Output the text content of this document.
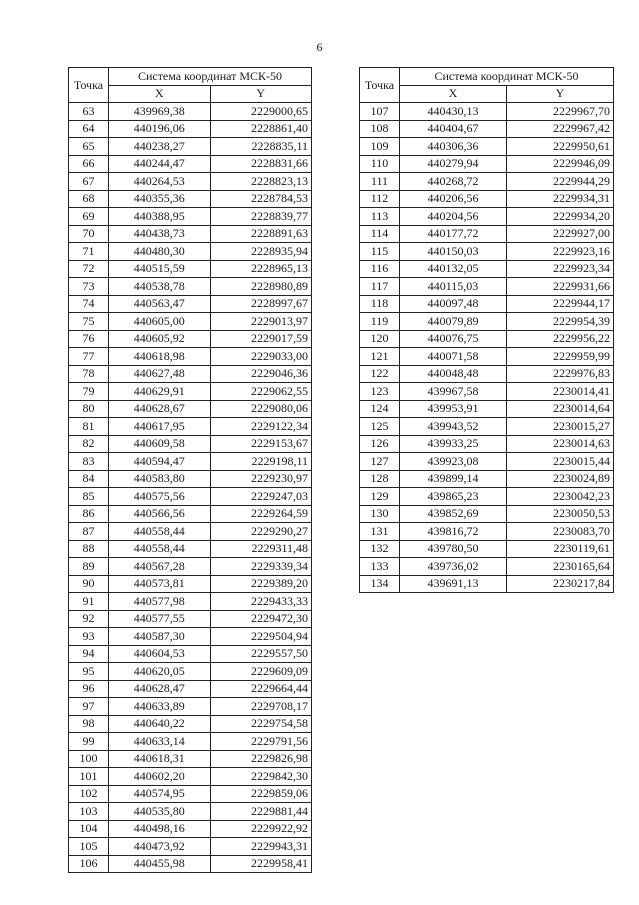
6
Точка	Система координат МСК-50	
	X	Y
63	439969,38	2229000,65
64	440196,06	2228861,40
65	440238,27	2228835,11
66	440244,47	2228831,66
67	440264,53	2228823,13
68	440355,36	2228784,53
69	440388,95	2228839,77
70	440438,73	2228891,63
71	440480,30	2228935,94
72	440515,59	2228965,13
73	440538,78	2228980,89
74	440563,47	2228997,67
75	440605,00	2229013,97
76	440605,92	2229017,59
77	440618,98	2229033,00
78	440627,48	2229046,36
79	440629,91	2229062,55
80	440628,67	2229080,06
81	440617,95	2229122,34
82	440609,58	2229153,67
83	440594,47	2229198,11
84	440583,80	2229230,97
85	440575,56	2229247,03
86	440566,56	2229264,59
87	440558,44	2229290,27
88	440558,44	2229311,48
89	440567,28	2229339,34
90	440573,81	2229389,20
91	440577,98	2229433,33
92	440577,55	2229472,30
93	440587,30	2229504,94
94	440604,53	2229557,50
95	440620,05	2229609,09
96	440628,47	2229664,44
97	440633,89	2229708,17
98	440640,22	2229754,58
99	440633,14	2229791,56
100	440618,31	2229826,98
101	440602,20	2229842,30
102	440574,95	2229859,06
103	440535,80	2229881,44
104	440498,16	2229922,92
105	440473,92	2229943,31
106	440455,98	2229958,41
Точка	Система координат МСК-50	
	X	Y
107	440430,13	2229967,70
108	440404,67	2229967,42
109	440306,36	2229950,61
110	440279,94	2229946,09
111	440268,72	2229944,29
112	440206,56	2229934,31
113	440204,56	2229934,20
114	440177,72	2229927,00
115	440150,03	2229923,16
116	440132,05	2229923,34
117	440115,03	2229931,66
118	440097,48	2229944,17
119	440079,89	2229954,39
120	440076,75	2229956,22
121	440071,58	2229959,99
122	440048,48	2229976,83
123	439967,58	2230014,41
124	439953,91	2230014,64
125	439943,52	2230015,27
126	439933,25	2230014,63
127	439923,08	2230015,44
128	439899,14	2230024,89
129	439865,23	2230042,23
130	439852,69	2230050,53
131	439816,72	2230083,70
132	439780,50	2230119,61
133	439736,02	2230165,64
134	439691,13	2230217,84
